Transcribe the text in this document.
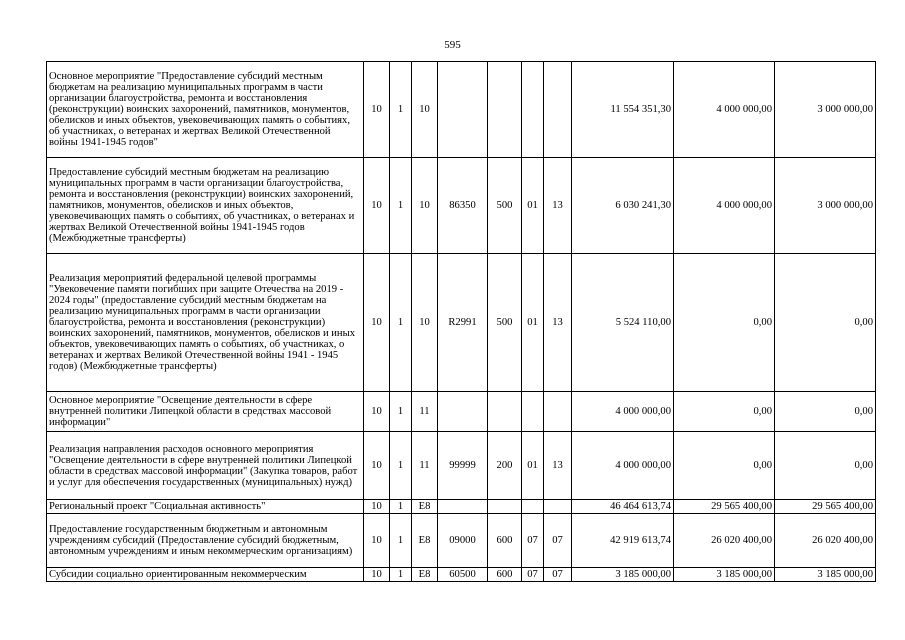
595
Основное мероприятие "Предоставление субсидий местным бюджетам на реализацию муниципальных программ в части организации благоустройства, ремонта и восстановления (реконструкции) воинских захоронений, памятников, монументов, обелисков и иных объектов, увековечивающих память о событиях, об участниках, о ветеранах и жертвах Великой Отечественной войны 1941-1945 годов"	10	1	10					11 554 351,30	4 000 000,00	3 000 000,00
Предоставление субсидий местным бюджетам на реализацию муниципальных программ в части организации благоустройства, ремонта и восстановления (реконструкции) воинских захоронений, памятников, монументов, обелисков и иных объектов, увековечивающих память о событиях, об участниках, о ветеранах и жертвах Великой Отечественной войны 1941-1945 годов (Межбюджетные трансферты)	10	1	10	86350	500	01	13	6 030 241,30	4 000 000,00	3 000 000,00
Реализация мероприятий федеральной целевой программы "Увековечение памяти погибших при защите Отечества на 2019 - 2024 годы" (предоставление субсидий местным бюджетам на реализацию муниципальных программ в части организации благоустройства, ремонта и восстановления (реконструкции) воинских захоронений, памятников, монументов, обелисков и иных объектов, увековечивающих память о событиях, об участниках, о ветеранах и жертвах Великой Отечественной войны 1941 - 1945 годов) (Межбюджетные трансферты)	10	1	10	R2991	500	01	13	5 524 110,00	0,00	0,00
Основное мероприятие "Освещение деятельности в сфере внутренней политики Липецкой области в средствах массовой информации"	10	1	11					4 000 000,00	0,00	0,00
Реализация направления расходов основного мероприятия "Освещение деятельности в сфере внутренней политики Липецкой области в средствах массовой информации" (Закупка товаров, работ и услуг для обеспечения государственных (муниципальных) нужд)	10	1	11	99999	200	01	13	4 000 000,00	0,00	0,00
Региональный проект "Социальная активность"	10	1	E8					46 464 613,74	29 565 400,00	29 565 400,00
Предоставление государственным бюджетным и автономным учреждениям субсидий (Предоставление субсидий бюджетным, автономным учреждениям и иным некоммерческим организациям)	10	1	E8	09000	600	07	07	42 919 613,74	26 020 400,00	26 020 400,00
Субсидии социально ориентированным некоммерческим	10	1	E8	60500	600	07	07	3 185 000,00	3 185 000,00	3 185 000,00
